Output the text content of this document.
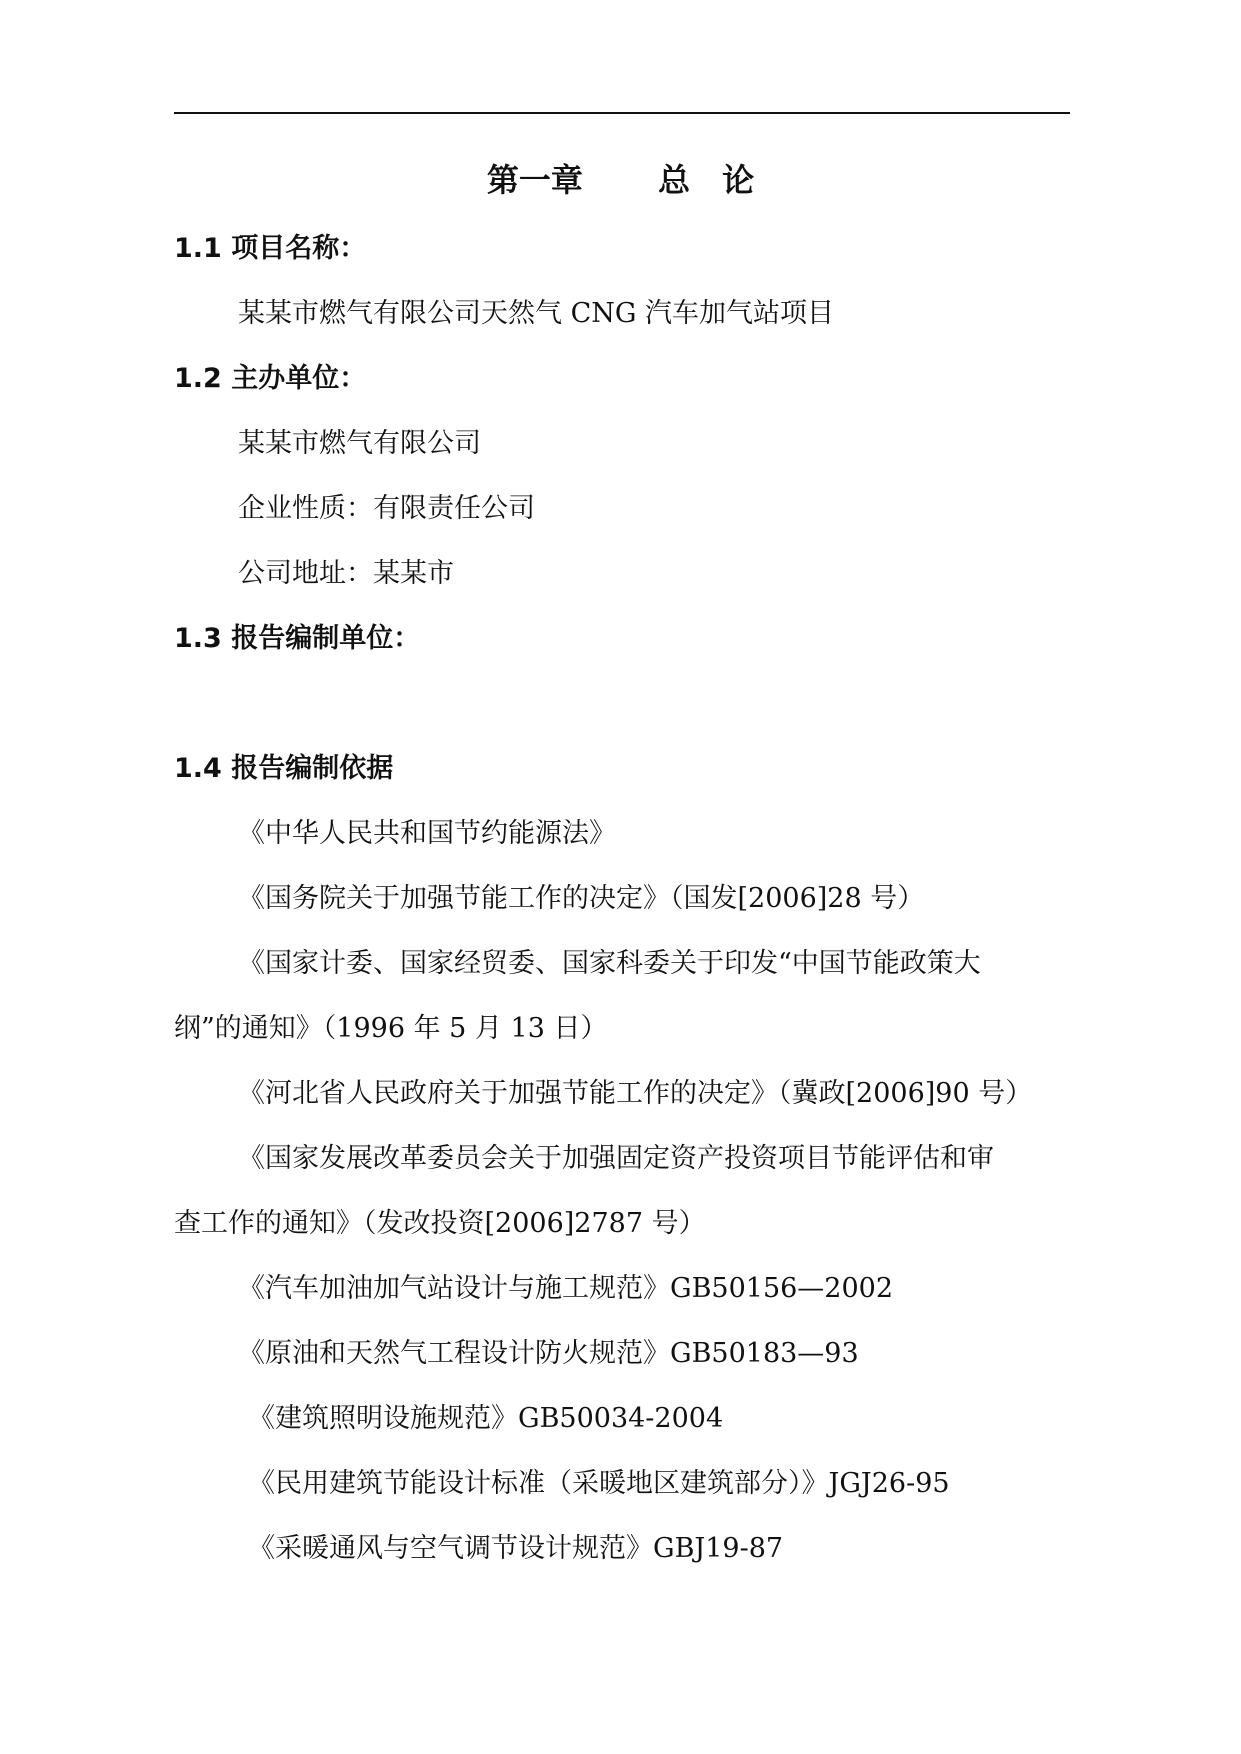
第一章　　 总　论
1.1 项目名称：
某某市燃气有限公司天然气 CNG 汽车加气站项目
1.2 主办单位：
某某市燃气有限公司
企业性质：有限责任公司
公司地址：某某市
1.3 报告编制单位：
1.4 报告编制依据
《中华人民共和国节约能源法》
《国务院关于加强节能工作的决定》（国发[2006]28 号）
《国家计委、国家经贸委、国家科委关于印发“中国节能政策大
纲”的通知》（1996 年 5 月 13 日）
《河北省人民政府关于加强节能工作的决定》（冀政[2006]90 号）
《国家发展改革委员会关于加强固定资产投资项目节能评估和审
查工作的通知》（发改投资[2006]2787 号）
《汽车加油加气站设计与施工规范》GB50156—2002
《原油和天然气工程设计防火规范》GB50183—93
《建筑照明设施规范》GB50034-2004
《民用建筑节能设计标准（采暖地区建筑部分）》JGJ26-95
《采暖通风与空气调节设计规范》GBJ19-87
